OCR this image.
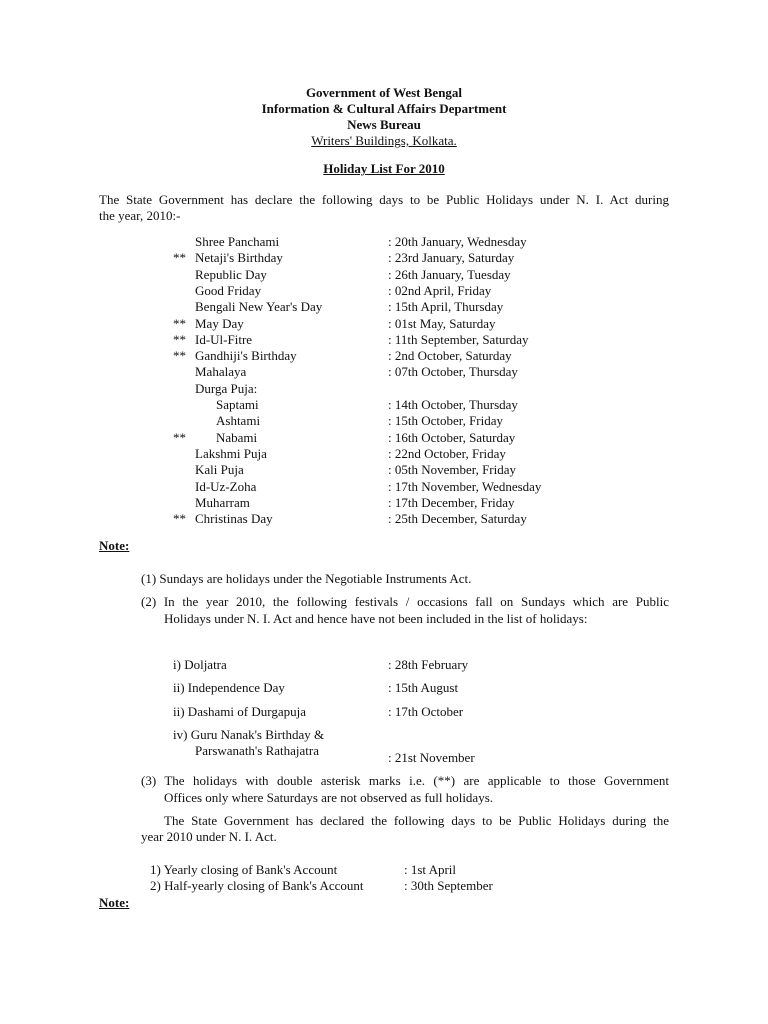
Government of West Bengal
Information & Cultural Affairs Department
News Bureau
Writers' Buildings, Kolkata.
Holiday List For 2010
The State Government has declare the following days to be Public Holidays under N. I. Act during
the year, 2010:-
Shree Panchami	: 20th January, Wednesday
** Netaji's Birthday	: 23rd January, Saturday
Republic Day	: 26th January, Tuesday
Good Friday	: 02nd April, Friday
Bengali New Year's Day	: 15th April, Thursday
** May Day	: 01st May, Saturday
** Id-Ul-Fitre	: 11th September, Saturday
** Gandhiji's Birthday	: 2nd October, Saturday
Mahalaya	: 07th October, Thursday
Durga Puja:
Saptami	: 14th October, Thursday
Ashtami	: 15th October, Friday
** Nabami	: 16th October, Saturday
Lakshmi Puja	: 22nd October, Friday
Kali Puja	: 05th November, Friday
Id-Uz-Zoha	: 17th November, Wednesday
Muharram	: 17th December, Friday
** Christinas Day	: 25th December, Saturday
Note:
(1) Sundays are holidays under the Negotiable Instruments Act.
(2) In the year 2010, the following festivals / occasions fall on Sundays which are Public
Holidays under N. I. Act and hence have not been included in the list of holidays:
i) Doljatra	: 28th February
ii) Independence Day	: 15th August
ii) Dashami of Durgapuja	: 17th October
iv) Guru Nanak's Birthday &
Parswanath's Rathajatra	: 21st November
(3) The holidays with double asterisk marks i.e. (**) are applicable to those Government
Offices only where Saturdays are not observed as full holidays.
The State Government has declared the following days to be Public Holidays during the
year 2010 under N. I. Act.
1) Yearly closing of Bank's Account	: 1st April
2) Half-yearly closing of Bank's Account	: 30th September
Note:
